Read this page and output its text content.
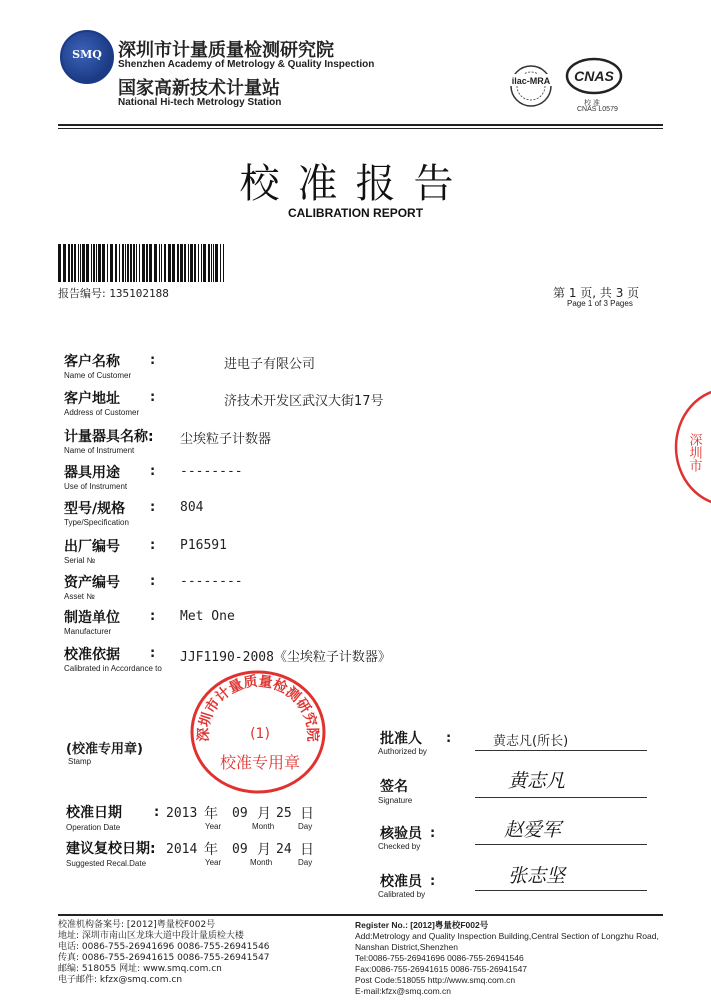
SMQ 深圳市计量质量检测研究院
Shenzhen Academy of Metrology & Quality Inspection
国家高新技术计量站
National Hi-tech Metrology Station
ilac-MRA CNAS
校 准
CNAS L0579
校准报告
CALIBRATION REPORT
报告编号: 135102188	第 1 页, 共 3 页
Page 1 of 3 Pages
客户名称
Name of Customer
:	进电子有限公司
客户地址
Address of Customer
:	济技术开发区武汉大街17号
计量器具名称:
Name of Instrument
尘埃粒子计数器
器具用途
Use of Instrument
: --------
型号/规格
Type/Specification
: 804
出厂编号
Serial №
: P16591
资产编号
Asset №
: --------
制造单位
Manufacturer
: Met One
校准依据
Calibrated in Accordance to
: JJF1190-2008《尘埃粒子计数器》
深圳市计量质量检测研究院
(1)
校准专用章
深圳市
(校准专用章)
Stamp
校准日期
Operation Date
: 2013 年 09 月 25 日
Year	Month	Day
建议复校日期:
Suggested Recal.Date
2014 年 09 月 24 日
Year	Month	Day
批准人
Authorized by
:	黄志凡(所长)
签名
Signature
黄志凡
核验员
Checked by
:	赵爱军
校准员
Calibrated by
:	张志坚
校准机构备案号: [2012]粤量校F002号
地址: 深圳市南山区龙珠大道中段计量质检大楼
电话: 0086-755-26941696 0086-755-26941546
传真: 0086-755-26941615 0086-755-26941547
邮编: 518055 网址: www.smq.com.cn
电子邮件: kfzx@smq.com.cn
Register No.: [2012]粤量校F002号
Add:Metrology and Quality Inspection Building,Central Section of Longzhu Road,
Nanshan District,Shenzhen
Tel:0086-755-26941696 0086-755-26941546
Fax:0086-755-26941615 0086-755-26941547
Post Code:518055 http://www.smq.com.cn
E-mail:kfzx@smq.com.cn
